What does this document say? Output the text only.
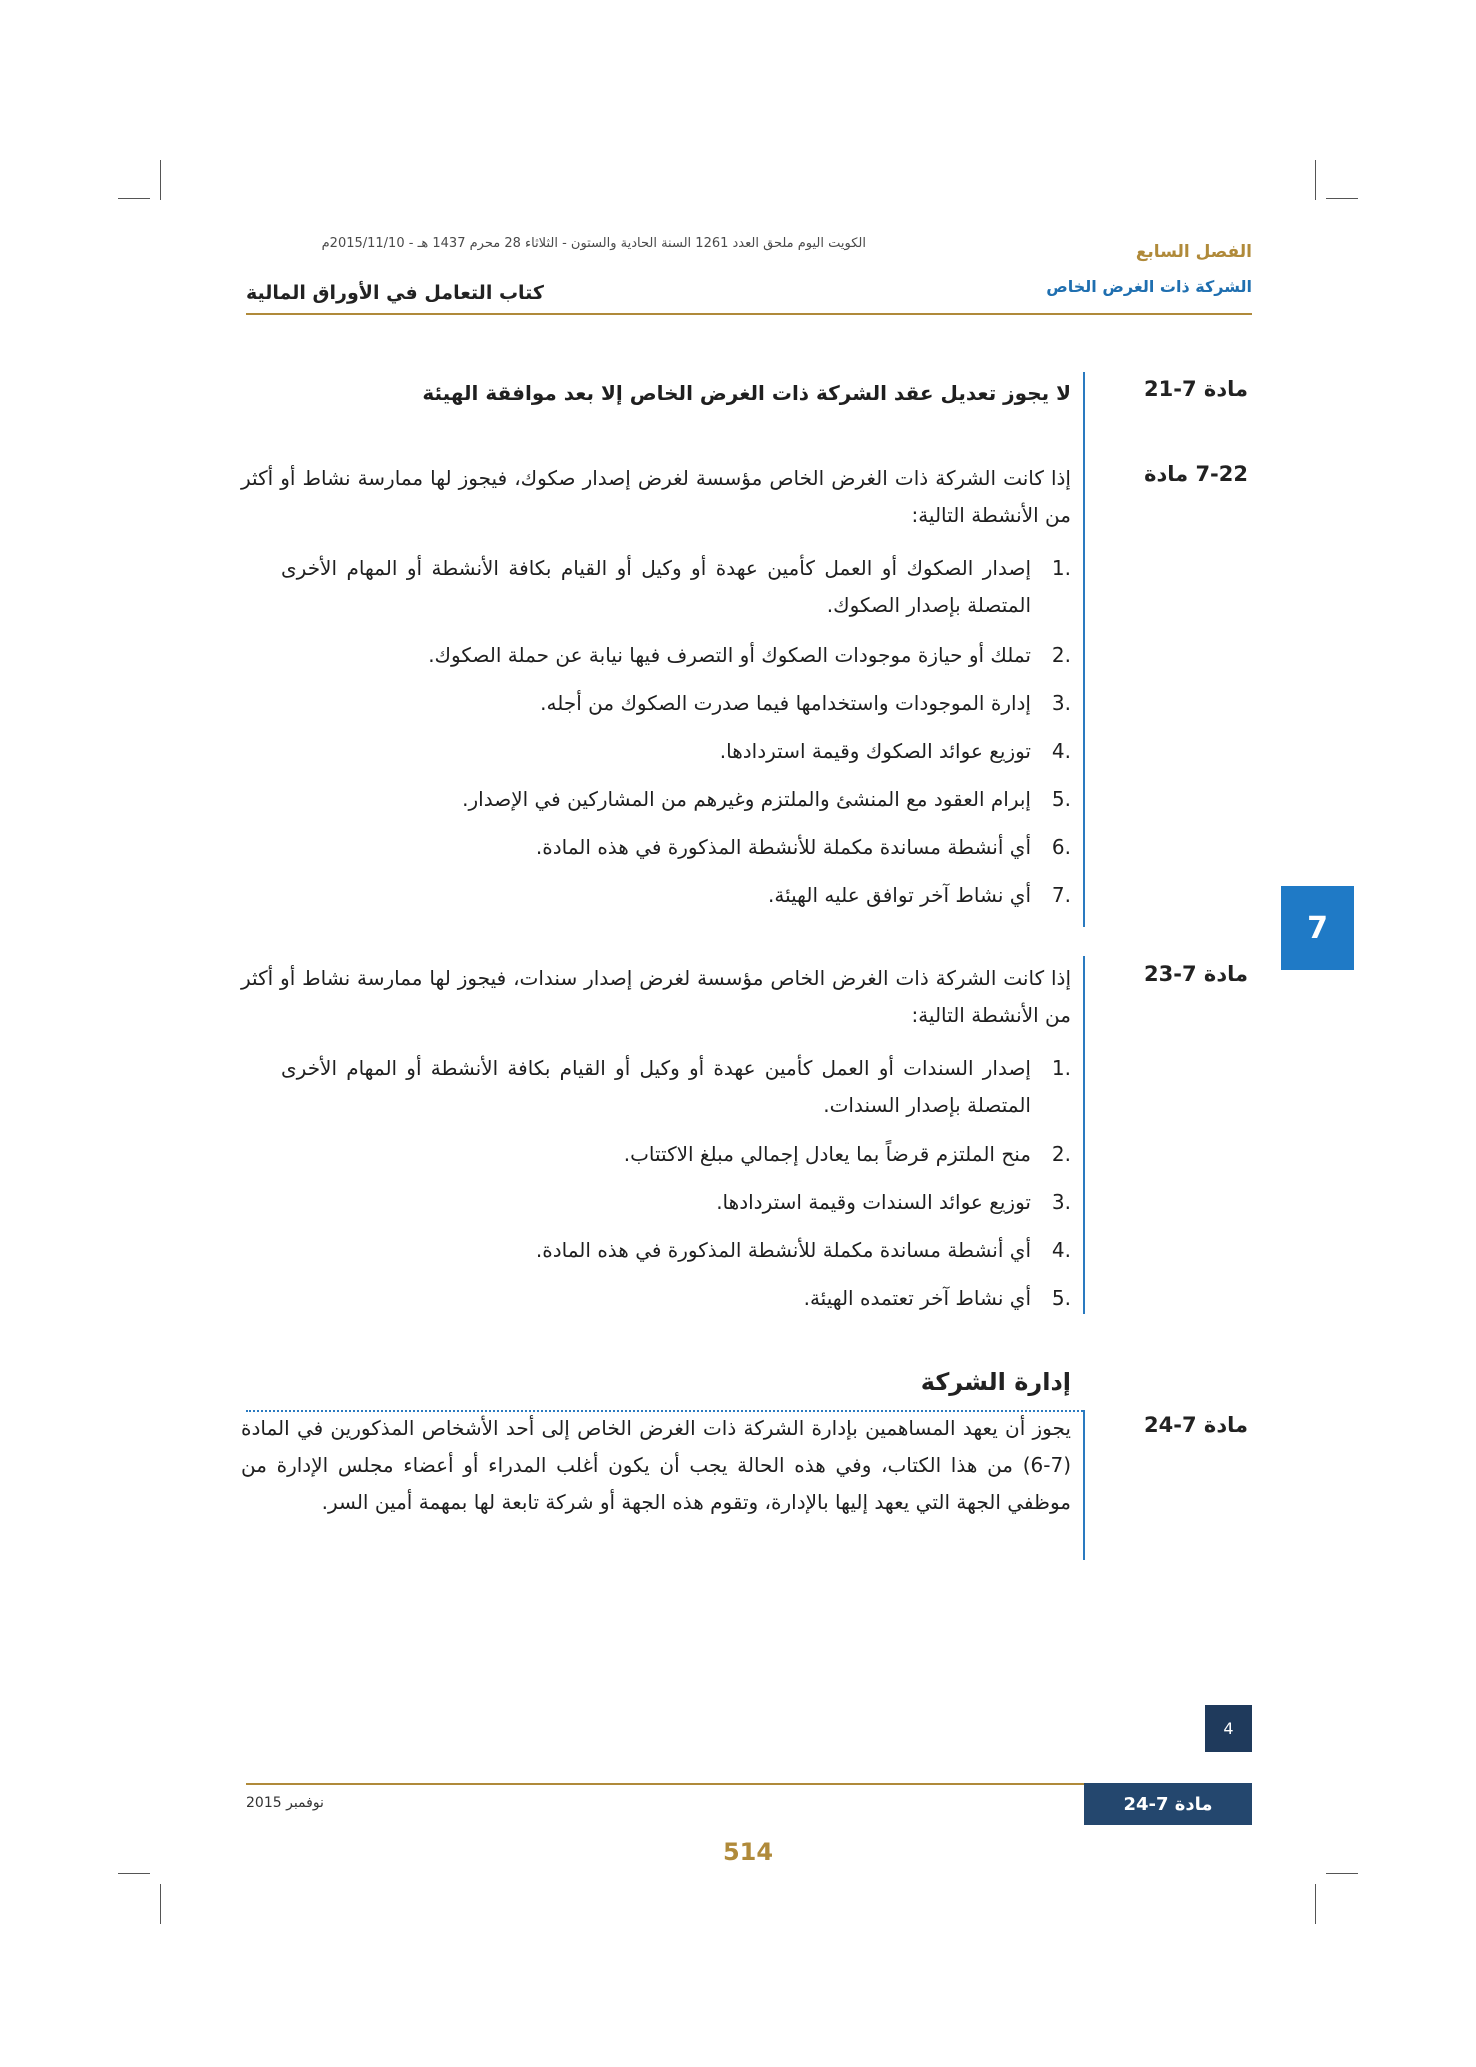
الكويت اليوم ملحق العدد 1261 السنة الحادية والستون - الثلاثاء 28 محرم 1437 هـ - 2015/11/10م	الفصل السابع
الشركة ذات الغرض الخاص
كتاب التعامل في الأوراق المالية
مادة 7-21

لا يجوز تعديل عقد الشركة ذات الغرض الخاص إلا بعد موافقة الهيئة

7-22 مادة

إذا كانت الشركة ذات الغرض الخاص مؤسسة لغرض إصدار صكوك، فيجوز لها ممارسة نشاط أو أكثر من الأنشطة التالية:

.1
إصدار الصكوك أو العمل كأمين عهدة أو وكيل أو القيام بكافة الأنشطة أو المهام الأخرى المتصلة بإصدار الصكوك.
.2
تملك أو حيازة موجودات الصكوك أو التصرف فيها نيابة عن حملة الصكوك.
.3
إدارة الموجودات واستخدامها فيما صدرت الصكوك من أجله.
.4
توزيع عوائد الصكوك وقيمة استردادها.
.5
إبرام العقود مع المنشئ والملتزم وغيرهم من المشاركين في الإصدار.
.6
أي أنشطة مساندة مكملة للأنشطة المذكورة في هذه المادة.
.7
أي نشاط آخر توافق عليه الهيئة.
مادة 7-23

إذا كانت الشركة ذات الغرض الخاص مؤسسة لغرض إصدار سندات، فيجوز لها ممارسة نشاط أو أكثر من الأنشطة التالية:

.1
إصدار السندات أو العمل كأمين عهدة أو وكيل أو القيام بكافة الأنشطة أو المهام الأخرى المتصلة بإصدار السندات.
.2
منح الملتزم قرضاً بما يعادل إجمالي مبلغ الاكتتاب.
.3
توزيع عوائد السندات وقيمة استردادها.
.4
أي أنشطة مساندة مكملة للأنشطة المذكورة في هذه المادة.
.5
أي نشاط آخر تعتمده الهيئة.
إدارة الشركة
مادة 7-24

يجوز أن يعهد المساهمين بإدارة الشركة ذات الغرض الخاص إلى أحد الأشخاص المذكورين في المادة (7-6) من هذا الكتاب، وفي هذه الحالة يجب أن يكون أغلب المدراء أو أعضاء مجلس الإدارة من موظفي الجهة التي يعهد إليها بالإدارة، وتقوم هذه الجهة أو شركة تابعة لها بمهمة أمين السر.

7
4
نوفمبر 2015	مادة 7-24
514
